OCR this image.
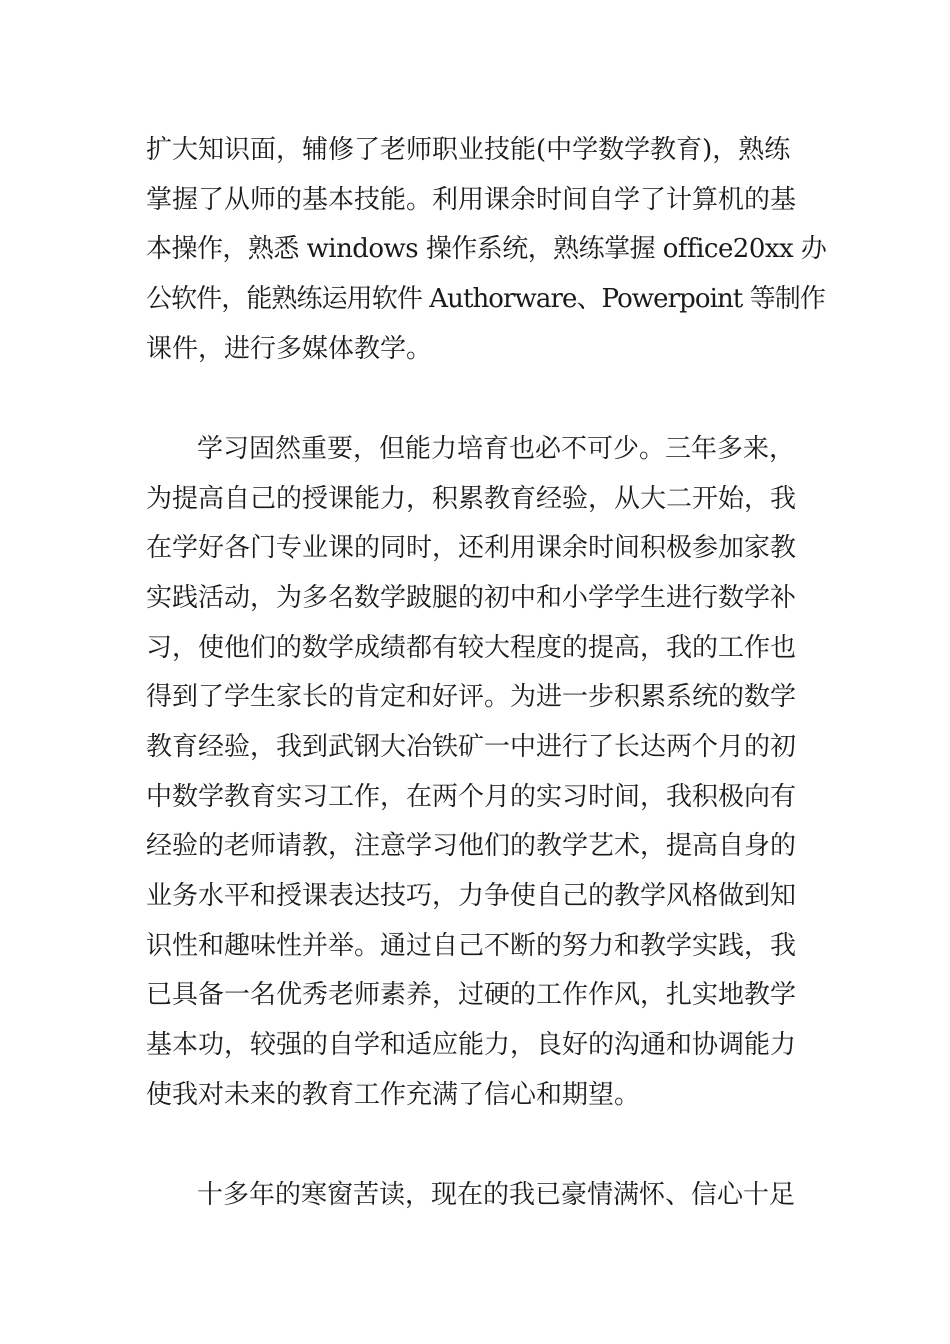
扩大知识面，辅修了老师职业技能(中学数学教育)，熟练
掌握了从师的基本技能。利用课余时间自学了计算机的基
本操作，熟悉 windows 操作系统，熟练掌握 office20xx 办
公软件，能熟练运用软件 Authorware、Powerpoint 等制作
课件，进行多媒体教学。
学习固然重要，但能力培育也必不可少。三年多来，
为提高自己的授课能力，积累教育经验，从大二开始，我
在学好各门专业课的同时，还利用课余时间积极参加家教
实践活动，为多名数学跛腿的初中和小学学生进行数学补
习，使他们的数学成绩都有较大程度的提高，我的工作也
得到了学生家长的肯定和好评。为进一步积累系统的数学
教育经验，我到武钢大冶铁矿一中进行了长达两个月的初
中数学教育实习工作，在两个月的实习时间，我积极向有
经验的老师请教，注意学习他们的教学艺术，提高自身的
业务水平和授课表达技巧，力争使自己的教学风格做到知
识性和趣味性并举。通过自己不断的努力和教学实践，我
已具备一名优秀老师素养，过硬的工作作风，扎实地教学
基本功，较强的自学和适应能力，良好的沟通和协调能力
使我对未来的教育工作充满了信心和期望。
十多年的寒窗苦读，现在的我已豪情满怀、信心十足
